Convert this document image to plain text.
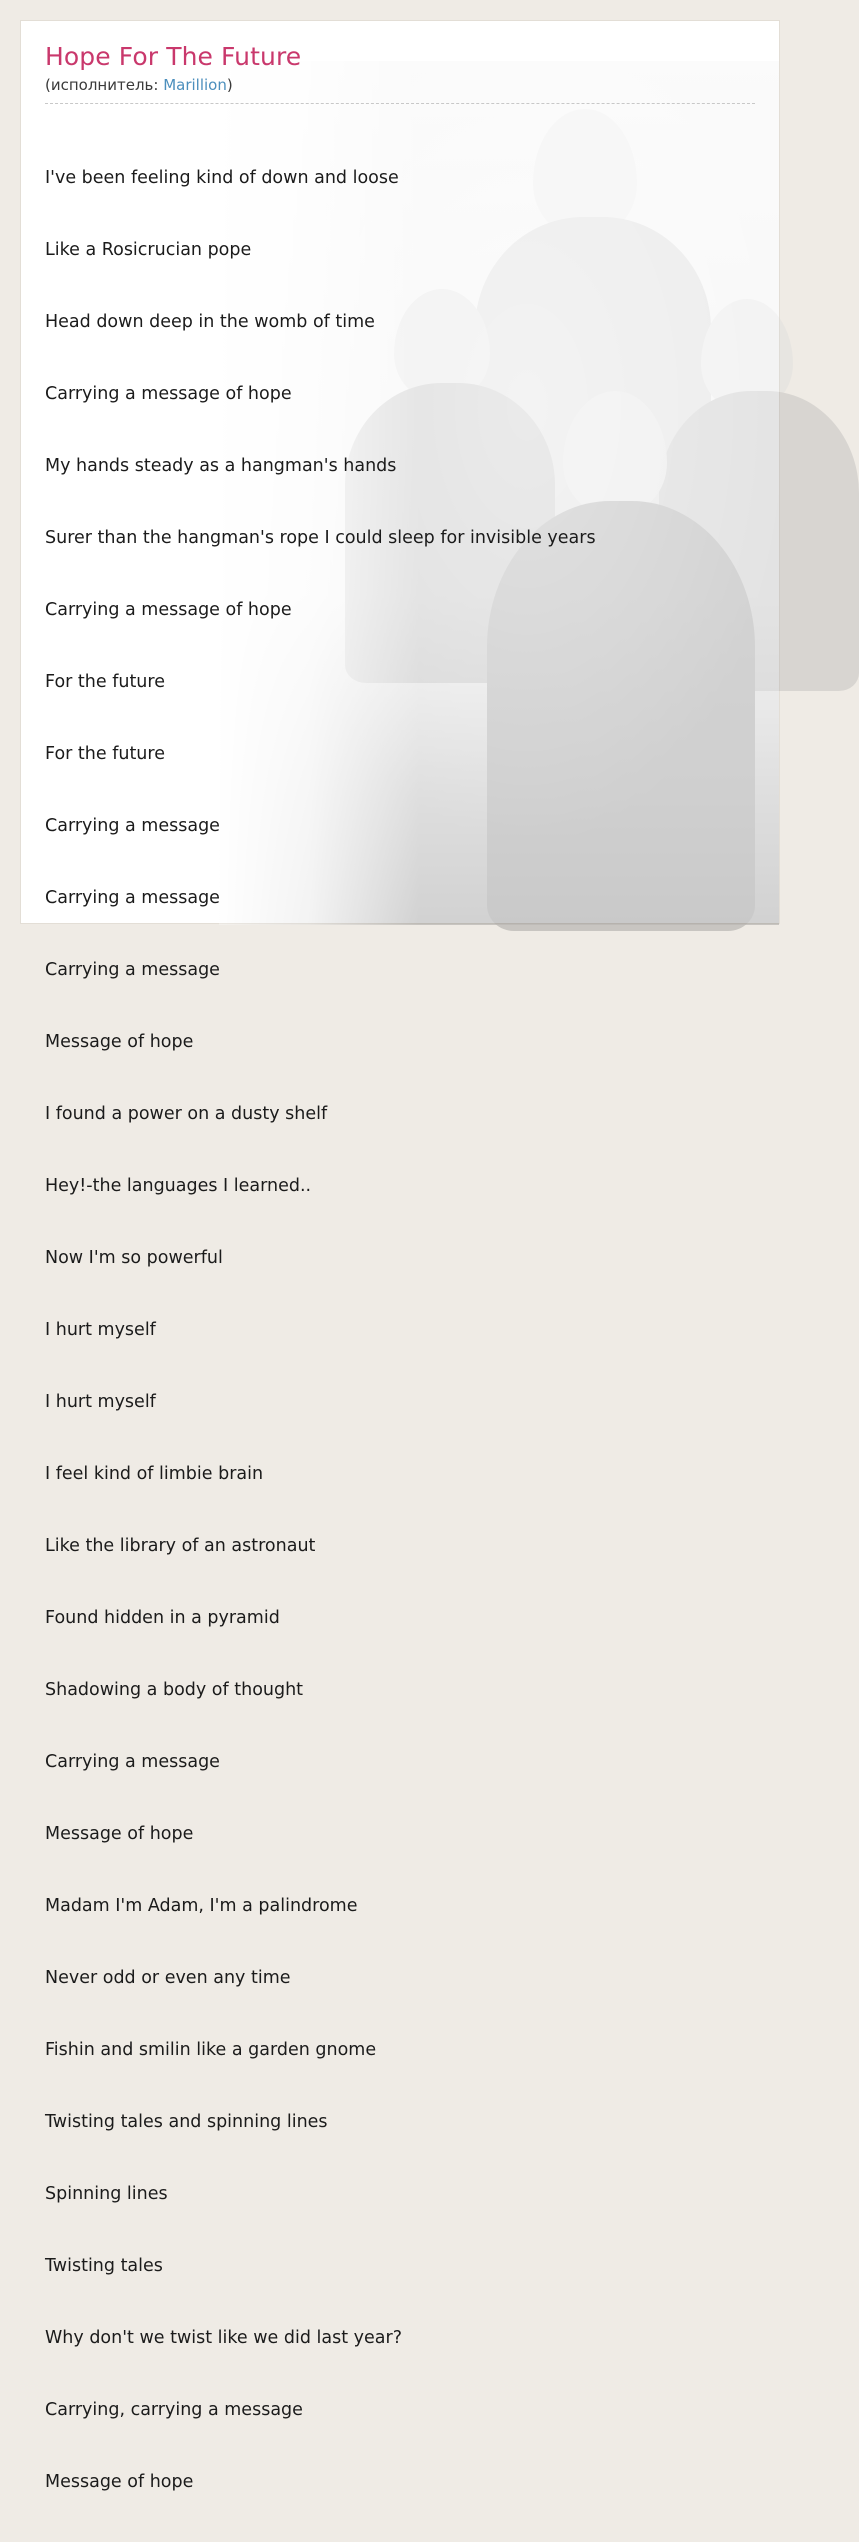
Hope For The Future
(исполнитель: Marillion)

I've been feeling kind of down and loose

Like a Rosicrucian pope

Head down deep in the womb of time

Carrying a message of hope

My hands steady as a hangman's hands

Surer than the hangman's rope I could sleep for invisible years

Carrying a message of hope

For the future

For the future

Carrying a message

Carrying a message

Carrying a message

Message of hope

I found a power on a dusty shelf

Hey!-the languages I learned..

Now I'm so powerful

I hurt myself

I hurt myself

I feel kind of limbie brain

Like the library of an astronaut

Found hidden in a pyramid

Shadowing a body of thought

Carrying a message

Message of hope

Madam I'm Adam, I'm a palindrome

Never odd or even any time

Fishin and smilin like a garden gnome

Twisting tales and spinning lines

Spinning lines

Twisting tales

Why don't we twist like we did last year?

Carrying, carrying a message

Message of hope
